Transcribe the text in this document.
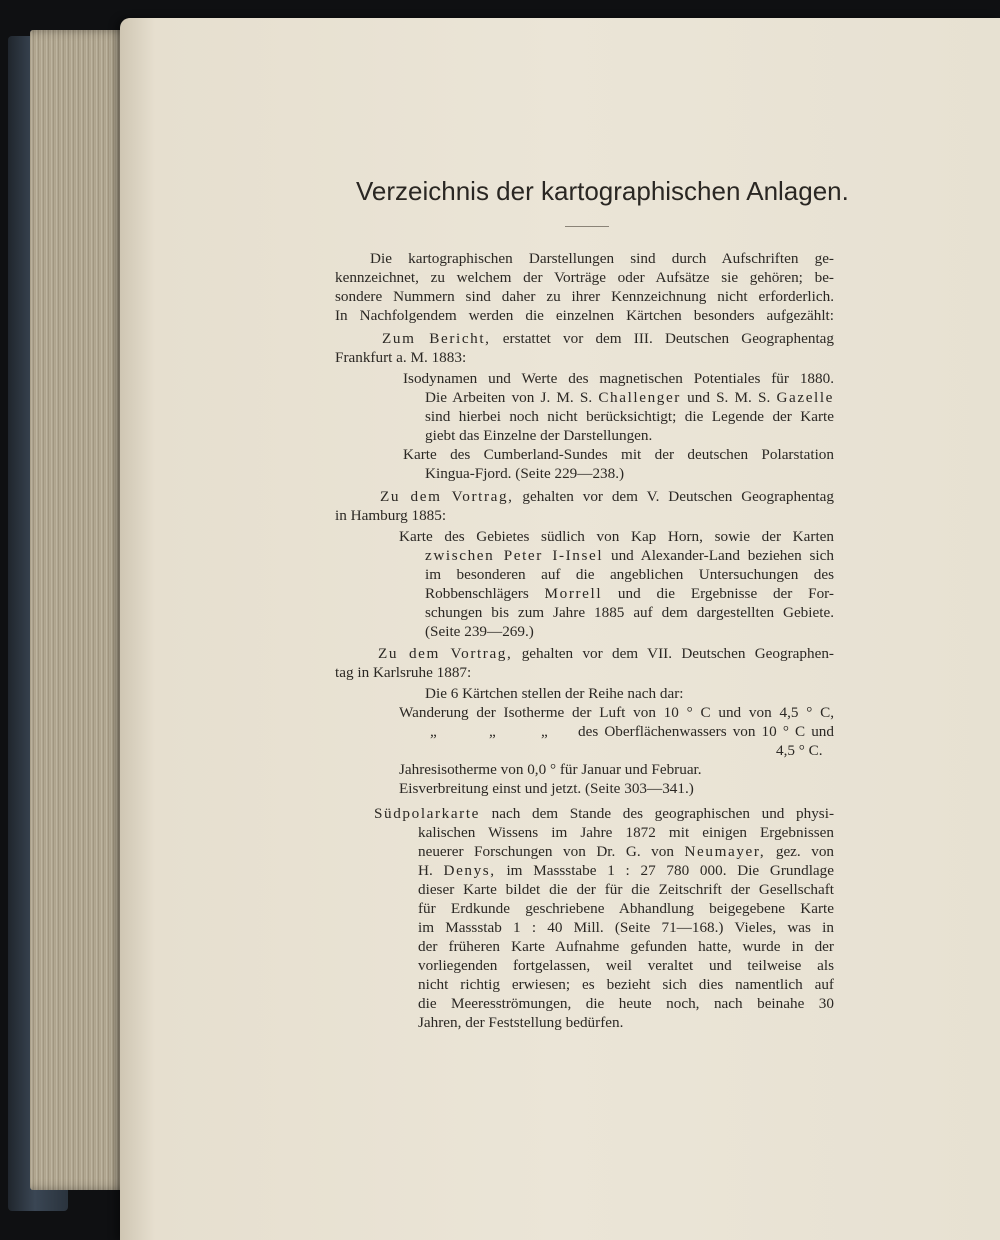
Verzeichnis der kartographischen Anlagen.
Die kartographischen Darstellungen sind durch Aufschriften ge-
kennzeichnet, zu welchem der Vorträge oder Aufsätze sie gehören; be-
sondere Nummern sind daher zu ihrer Kennzeichnung nicht erforderlich.
In Nachfolgendem werden die einzelnen Kärtchen besonders aufgezählt:
Zum Bericht, erstattet vor dem III. Deutschen Geographentag
Frankfurt a. M. 1883:
Isodynamen und Werte des magnetischen Potentiales für 1880.
Die Arbeiten von J. M. S. Challenger und S. M. S. Gazelle
sind hierbei noch nicht berücksichtigt; die Legende der Karte
giebt das Einzelne der Darstellungen.
Karte des Cumberland-Sundes mit der deutschen Polarstation
Kingua-Fjord. (Seite 229—238.)
Zu dem Vortrag, gehalten vor dem V. Deutschen Geographentag
in Hamburg 1885:
Karte des Gebietes südlich von Kap Horn, sowie der Karten
zwischen Peter I-Insel und Alexander-Land beziehen sich
im besonderen auf die angeblichen Untersuchungen des
Robbenschlägers Morrell und die Ergebnisse der For-
schungen bis zum Jahre 1885 auf dem dargestellten Gebiete.
(Seite 239—269.)
Zu dem Vortrag, gehalten vor dem VII. Deutschen Geographen-
tag in Karlsruhe 1887:
Die 6 Kärtchen stellen der Reihe nach dar:
Wanderung der Isotherme der Luft von 10 ° C und von 4,5 ° C,
„	„	„	des Oberflächenwassers von 10 ° C und
4,5 ° C.
Jahresisotherme von 0,0 ° für Januar und Februar.
Eisverbreitung einst und jetzt. (Seite 303—341.)
Südpolarkarte nach dem Stande des geographischen und physi-
kalischen Wissens im Jahre 1872 mit einigen Ergebnissen
neuerer Forschungen von Dr. G. von Neumayer, gez. von
H. Denys, im Massstabe 1 : 27 780 000. Die Grundlage
dieser Karte bildet die der für die Zeitschrift der Gesellschaft
für Erdkunde geschriebene Abhandlung beigegebene Karte
im Massstab 1 : 40 Mill. (Seite 71—168.) Vieles, was in
der früheren Karte Aufnahme gefunden hatte, wurde in der
vorliegenden fortgelassen, weil veraltet und teilweise als
nicht richtig erwiesen; es bezieht sich dies namentlich auf
die Meeresströmungen, die heute noch, nach beinahe 30
Jahren, der Feststellung bedürfen.
